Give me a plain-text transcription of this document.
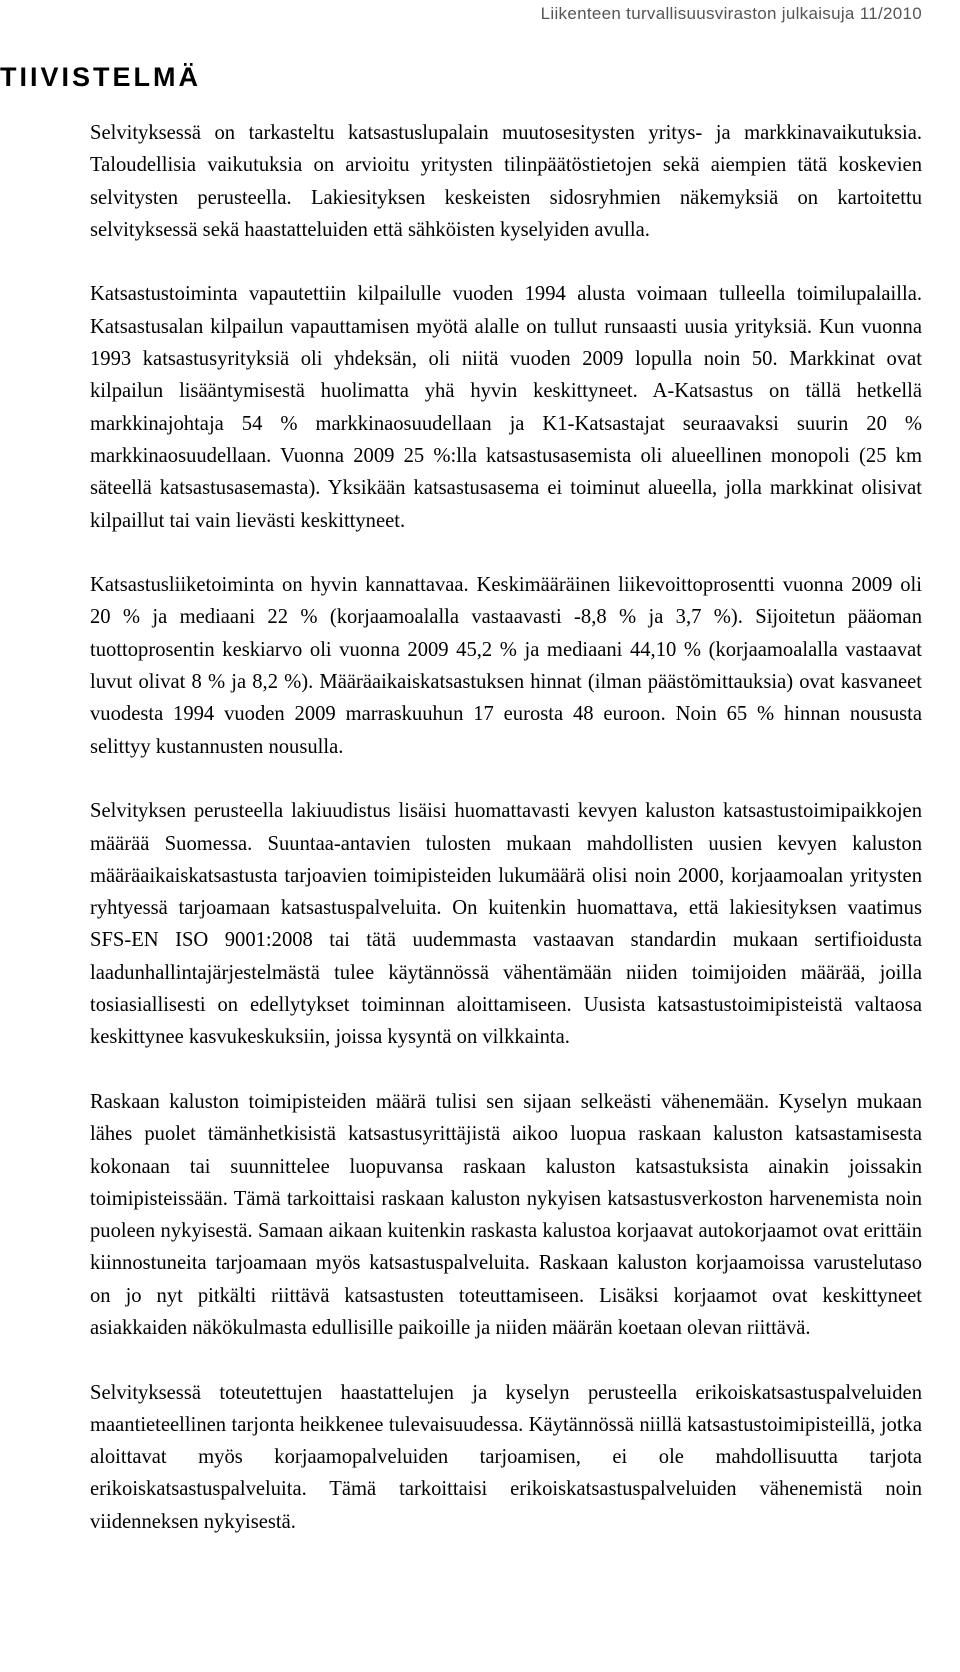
Liikenteen turvallisuusviraston julkaisuja 11/2010
TIIVISTELMÄ

Selvityksessä on tarkasteltu katsastuslupalain muutosesitysten yritys- ja markkinavaikutuksia. Taloudellisia vaikutuksia on arvioitu yritysten tilinpäätöstietojen sekä aiempien tätä koskevien selvitysten perusteella. Lakiesityksen keskeisten sidosryhmien näkemyksiä on kartoitettu selvityksessä sekä haastatteluiden että sähköisten kyselyiden avulla.

Katsastustoiminta vapautettiin kilpailulle vuoden 1994 alusta voimaan tulleella toimilupalailla. Katsastusalan kilpailun vapauttamisen myötä alalle on tullut runsaasti uusia yrityksiä. Kun vuonna 1993 katsastusyrityksiä oli yhdeksän, oli niitä vuoden 2009 lopulla noin 50. Markkinat ovat kilpailun lisääntymisestä huolimatta yhä hyvin keskittyneet. A-Katsastus on tällä hetkellä markkinajohtaja 54 % markkinaosuudellaan ja K1-Katsastajat seuraavaksi suurin 20 % markkinaosuudellaan. Vuonna 2009 25 %:lla katsastusasemista oli alueellinen monopoli (25 km säteellä katsastusasemasta). Yksikään katsastusasema ei toiminut alueella, jolla markkinat olisivat kilpaillut tai vain lievästi keskittyneet.

Katsastusliiketoiminta on hyvin kannattavaa. Keskimääräinen liikevoittoprosentti vuonna 2009 oli 20 % ja mediaani 22 % (korjaamoalalla vastaavasti -8,8 % ja 3,7 %). Sijoitetun pääoman tuottoprosentin keskiarvo oli vuonna 2009 45,2 % ja mediaani 44,10 % (korjaamoalalla vastaavat luvut olivat 8 % ja 8,2 %). Määräaikaiskatsastuksen hinnat (ilman päästömittauksia) ovat kasvaneet vuodesta 1994 vuoden 2009 marraskuuhun 17 eurosta 48 euroon. Noin 65 % hinnan noususta selittyy kustannusten nousulla.

Selvityksen perusteella lakiuudistus lisäisi huomattavasti kevyen kaluston katsastustoimipaikkojen määrää Suomessa. Suuntaa-antavien tulosten mukaan mahdollisten uusien kevyen kaluston määräaikaiskatsastusta tarjoavien toimipisteiden lukumäärä olisi noin 2000, korjaamoalan yritysten ryhtyessä tarjoamaan katsastuspalveluita. On kuitenkin huomattava, että lakiesityksen vaatimus SFS-EN ISO 9001:2008 tai tätä uudemmasta vastaavan standardin mukaan sertifioidusta laadunhallintajärjestelmästä tulee käytännössä vähentämään niiden toimijoiden määrää, joilla tosiasiallisesti on edellytykset toiminnan aloittamiseen. Uusista katsastustoimipisteistä valtaosa keskittynee kasvukeskuksiin, joissa kysyntä on vilkkainta.

Raskaan kaluston toimipisteiden määrä tulisi sen sijaan selkeästi vähenemään. Kyselyn mukaan lähes puolet tämänhetkisistä katsastusyrittäjistä aikoo luopua raskaan kaluston katsastamisesta kokonaan tai suunnittelee luopuvansa raskaan kaluston katsastuksista ainakin joissakin toimipisteissään. Tämä tarkoittaisi raskaan kaluston nykyisen katsastusverkoston harvenemista noin puoleen nykyisestä. Samaan aikaan kuitenkin raskasta kalustoa korjaavat autokorjaamot ovat erittäin kiinnostuneita tarjoamaan myös katsastuspalveluita. Raskaan kaluston korjaamoissa varustelutaso on jo nyt pitkälti riittävä katsastusten toteuttamiseen. Lisäksi korjaamot ovat keskittyneet asiakkaiden näkökulmasta edullisille paikoille ja niiden määrän koetaan olevan riittävä.

Selvityksessä toteutettujen haastattelujen ja kyselyn perusteella erikoiskatsastuspalveluiden maantieteellinen tarjonta heikkenee tulevaisuudessa. Käytännössä niillä katsastustoimipisteillä, jotka aloittavat myös korjaamopalveluiden tarjoamisen, ei ole mahdollisuutta tarjota erikoiskatsastuspalveluita. Tämä tarkoittaisi erikoiskatsastuspalveluiden vähenemistä noin viidenneksen nykyisestä.
